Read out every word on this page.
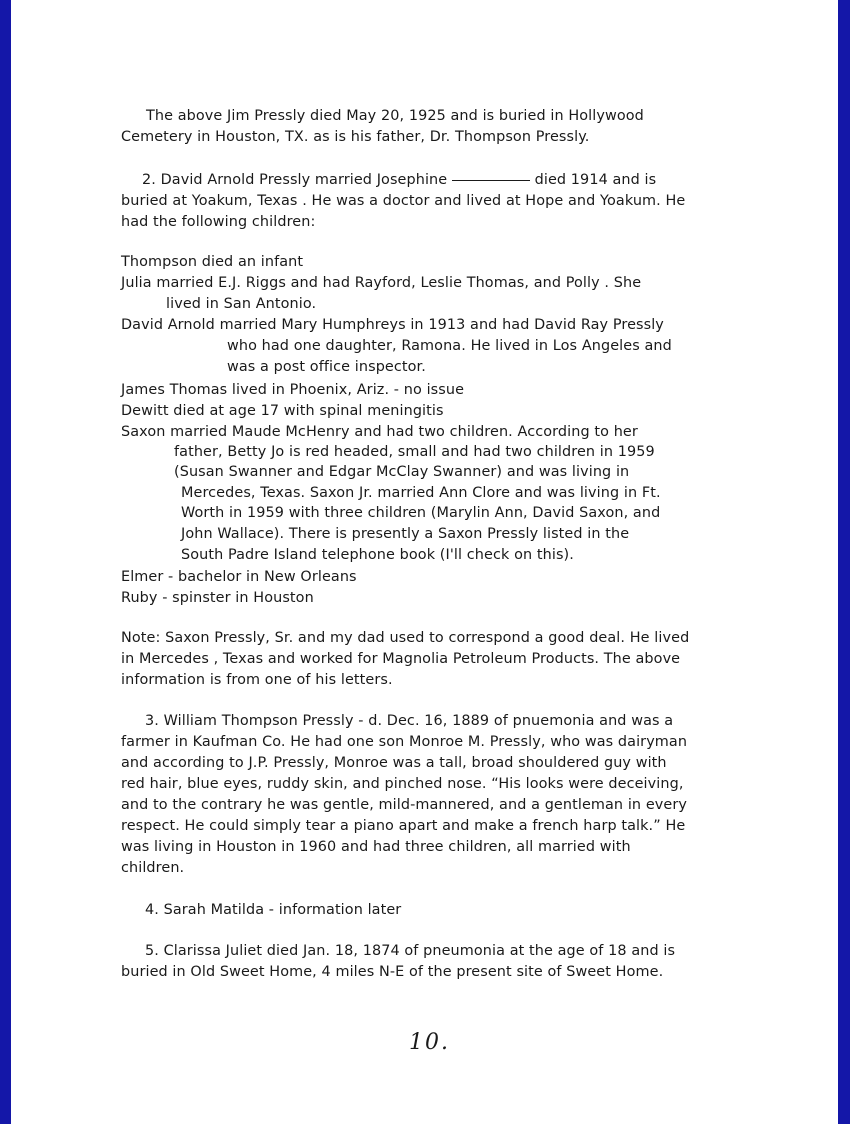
The above Jim Pressly died May 20, 1925 and is buried in Hollywood
Cemetery in Houston, TX. as is his father, Dr. Thompson Pressly.
2. David Arnold Pressly married Josephine	died 1914 and is
buried at Yoakum, Texas . He was a doctor and lived at Hope and Yoakum. He
had the following children:
Thompson died an infant
Julia married E.J. Riggs and had Rayford, Leslie Thomas, and Polly . She
lived in San Antonio.
David Arnold married Mary Humphreys in 1913 and had David Ray Pressly
who had one daughter, Ramona. He lived in Los Angeles and
was a post office inspector.
James Thomas lived in Phoenix, Ariz. - no issue
Dewitt died at age 17 with spinal meningitis
Saxon married Maude McHenry and had two children. According to her
father, Betty Jo is red headed, small and had two children in 1959
(Susan Swanner and Edgar McClay Swanner) and was living in
Mercedes, Texas. Saxon Jr. married Ann Clore and was living in Ft.
Worth in 1959 with three children (Marylin Ann, David Saxon, and
John Wallace). There is presently a Saxon Pressly listed in the
South Padre Island telephone book (I'll check on this).
Elmer - bachelor in New Orleans
Ruby - spinster in Houston
Note: Saxon Pressly, Sr. and my dad used to correspond a good deal. He lived
in Mercedes , Texas and worked for Magnolia Petroleum Products. The above
information is from one of his letters.
3. William Thompson Pressly - d. Dec. 16, 1889 of pnuemonia and was a
farmer in Kaufman Co. He had one son Monroe M. Pressly, who was dairyman
and according to J.P. Pressly, Monroe was a tall, broad shouldered guy with
red hair, blue eyes, ruddy skin, and pinched nose. “His looks were deceiving,
and to the contrary he was gentle, mild-mannered, and a gentleman in every
respect. He could simply tear a piano apart and make a french harp talk.” He
was living in Houston in 1960 and had three children, all married with
children.
4. Sarah Matilda - information later
5. Clarissa Juliet died Jan. 18, 1874 of pneumonia at the age of 18 and is
buried in Old Sweet Home, 4 miles N-E of the present site of Sweet Home.
10.
